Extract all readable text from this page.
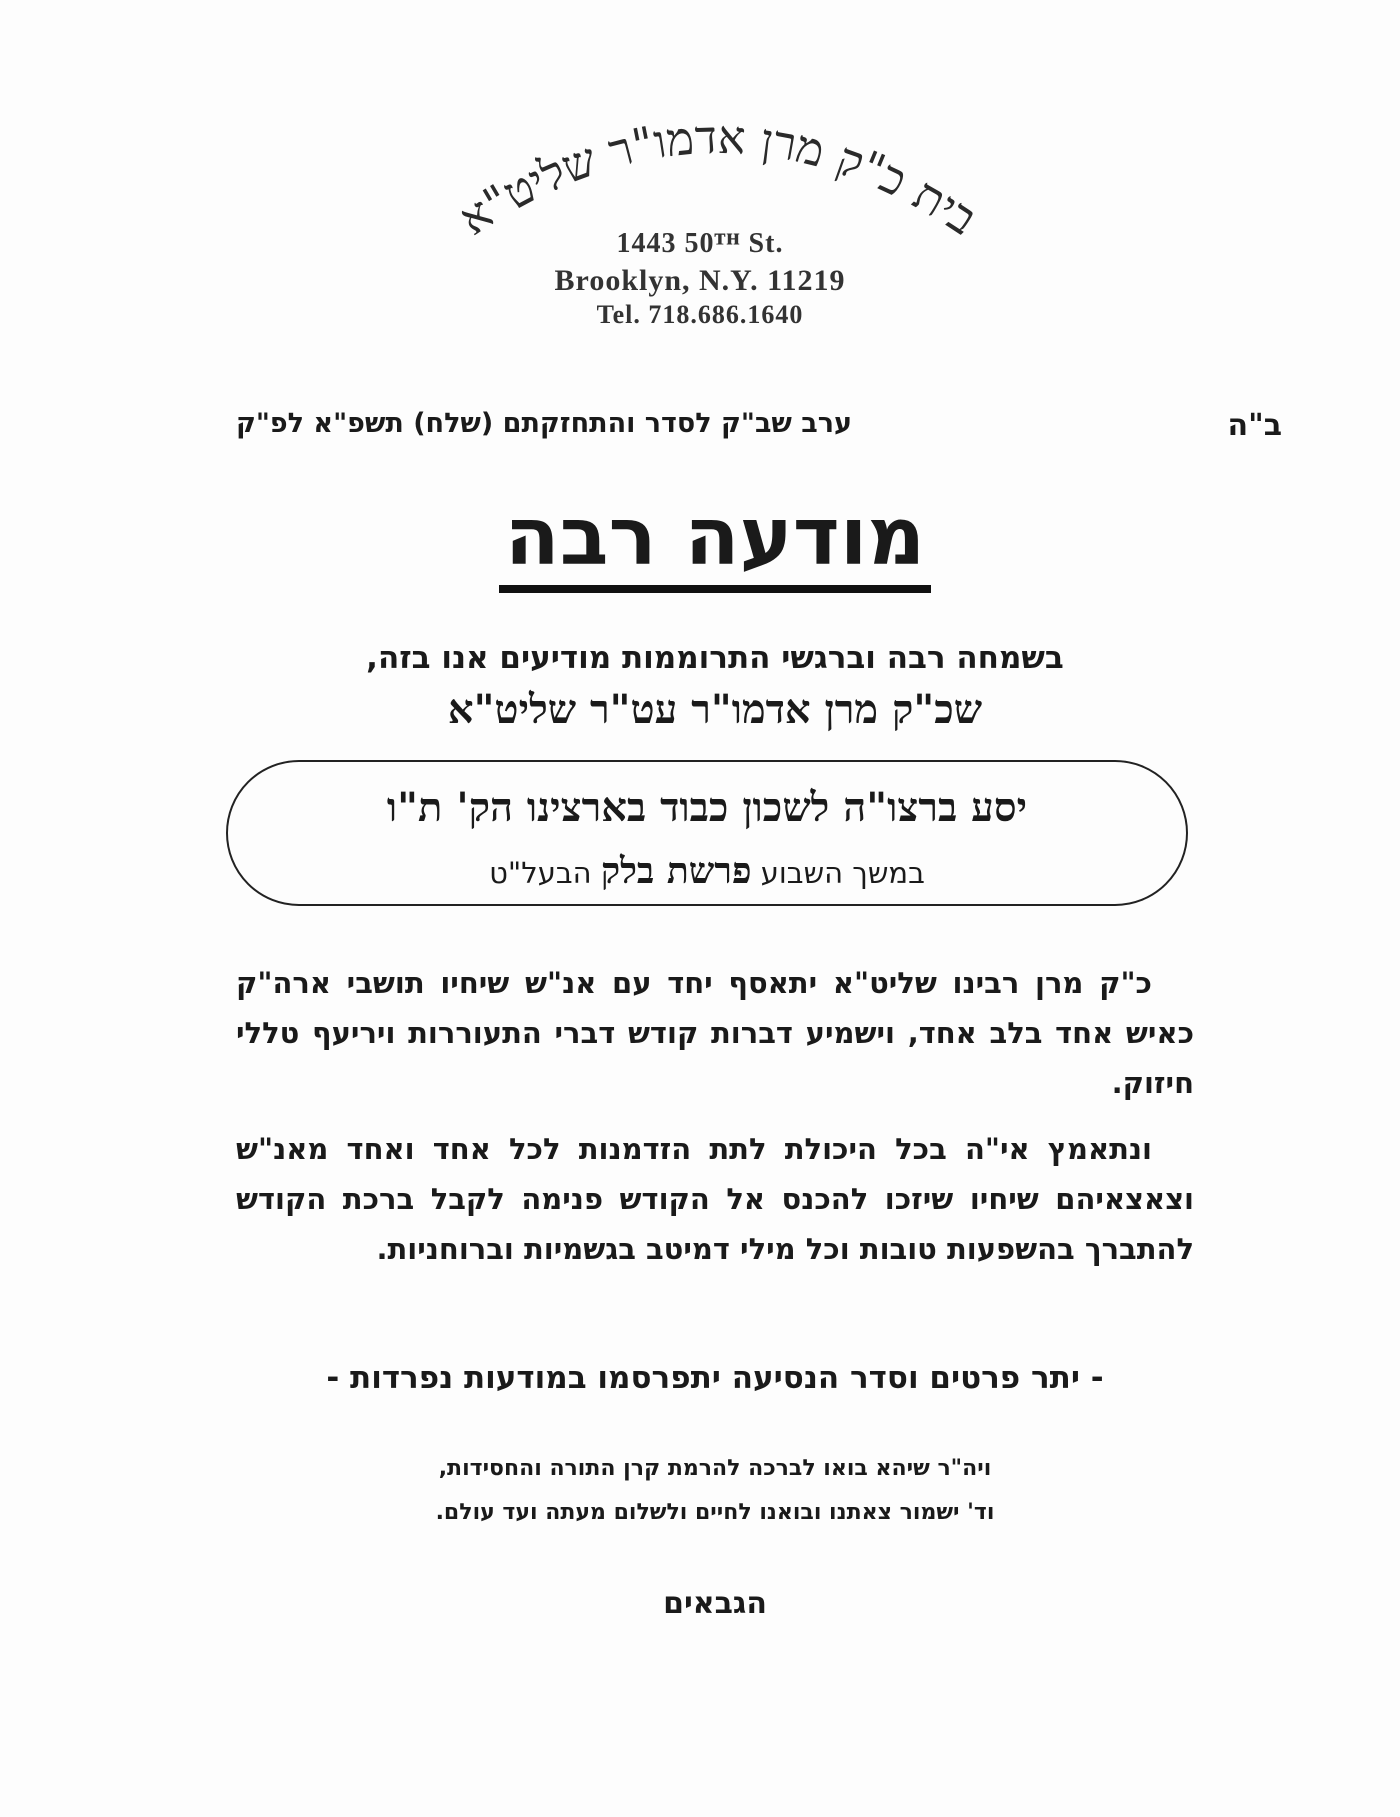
בית כ"ק מרן אדמו"ר שליט"א
1443 50ᵀᴴ St.
Brooklyn, N.Y. 11219
Tel. 718.686.1640
ב"ה
ערב שב"ק לסדר והתחזקתם (שלח) תשפ"א לפ"ק
מודעה רבה
בשמחה רבה וברגשי התרוממות מודיעים אנו בזה,
שכ"ק מרן אדמו"ר עט"ר שליט"א
יסע ברצו"ה לשכון כבוד בארצינו הק' ת"ו
במשך השבוע פרשת בלק הבעל"ט
כ"ק מרן רבינו שליט"א יתאסף יחד עם אנ"ש שיחיו תושבי ארה"ק כאיש אחד בלב אחד, וישמיע דברות קודש דברי התעוררות ויריעף טללי חיזוק.
ונתאמץ אי"ה בכל היכולת לתת הזדמנות לכל אחד ואחד מאנ"ש וצאצאיהם שיחיו שיזכו להכנס אל הקודש פנימה לקבל ברכת הקודש להתברך בהשפעות טובות וכל מילי דמיטב בגשמיות וברוחניות.
- יתר פרטים וסדר הנסיעה יתפרסמו במודעות נפרדות -
ויה"ר שיהא בואו לברכה להרמת קרן התורה והחסידות,
וד' ישמור צאתנו ובואנו לחיים ולשלום מעתה ועד עולם.
הגבאים
